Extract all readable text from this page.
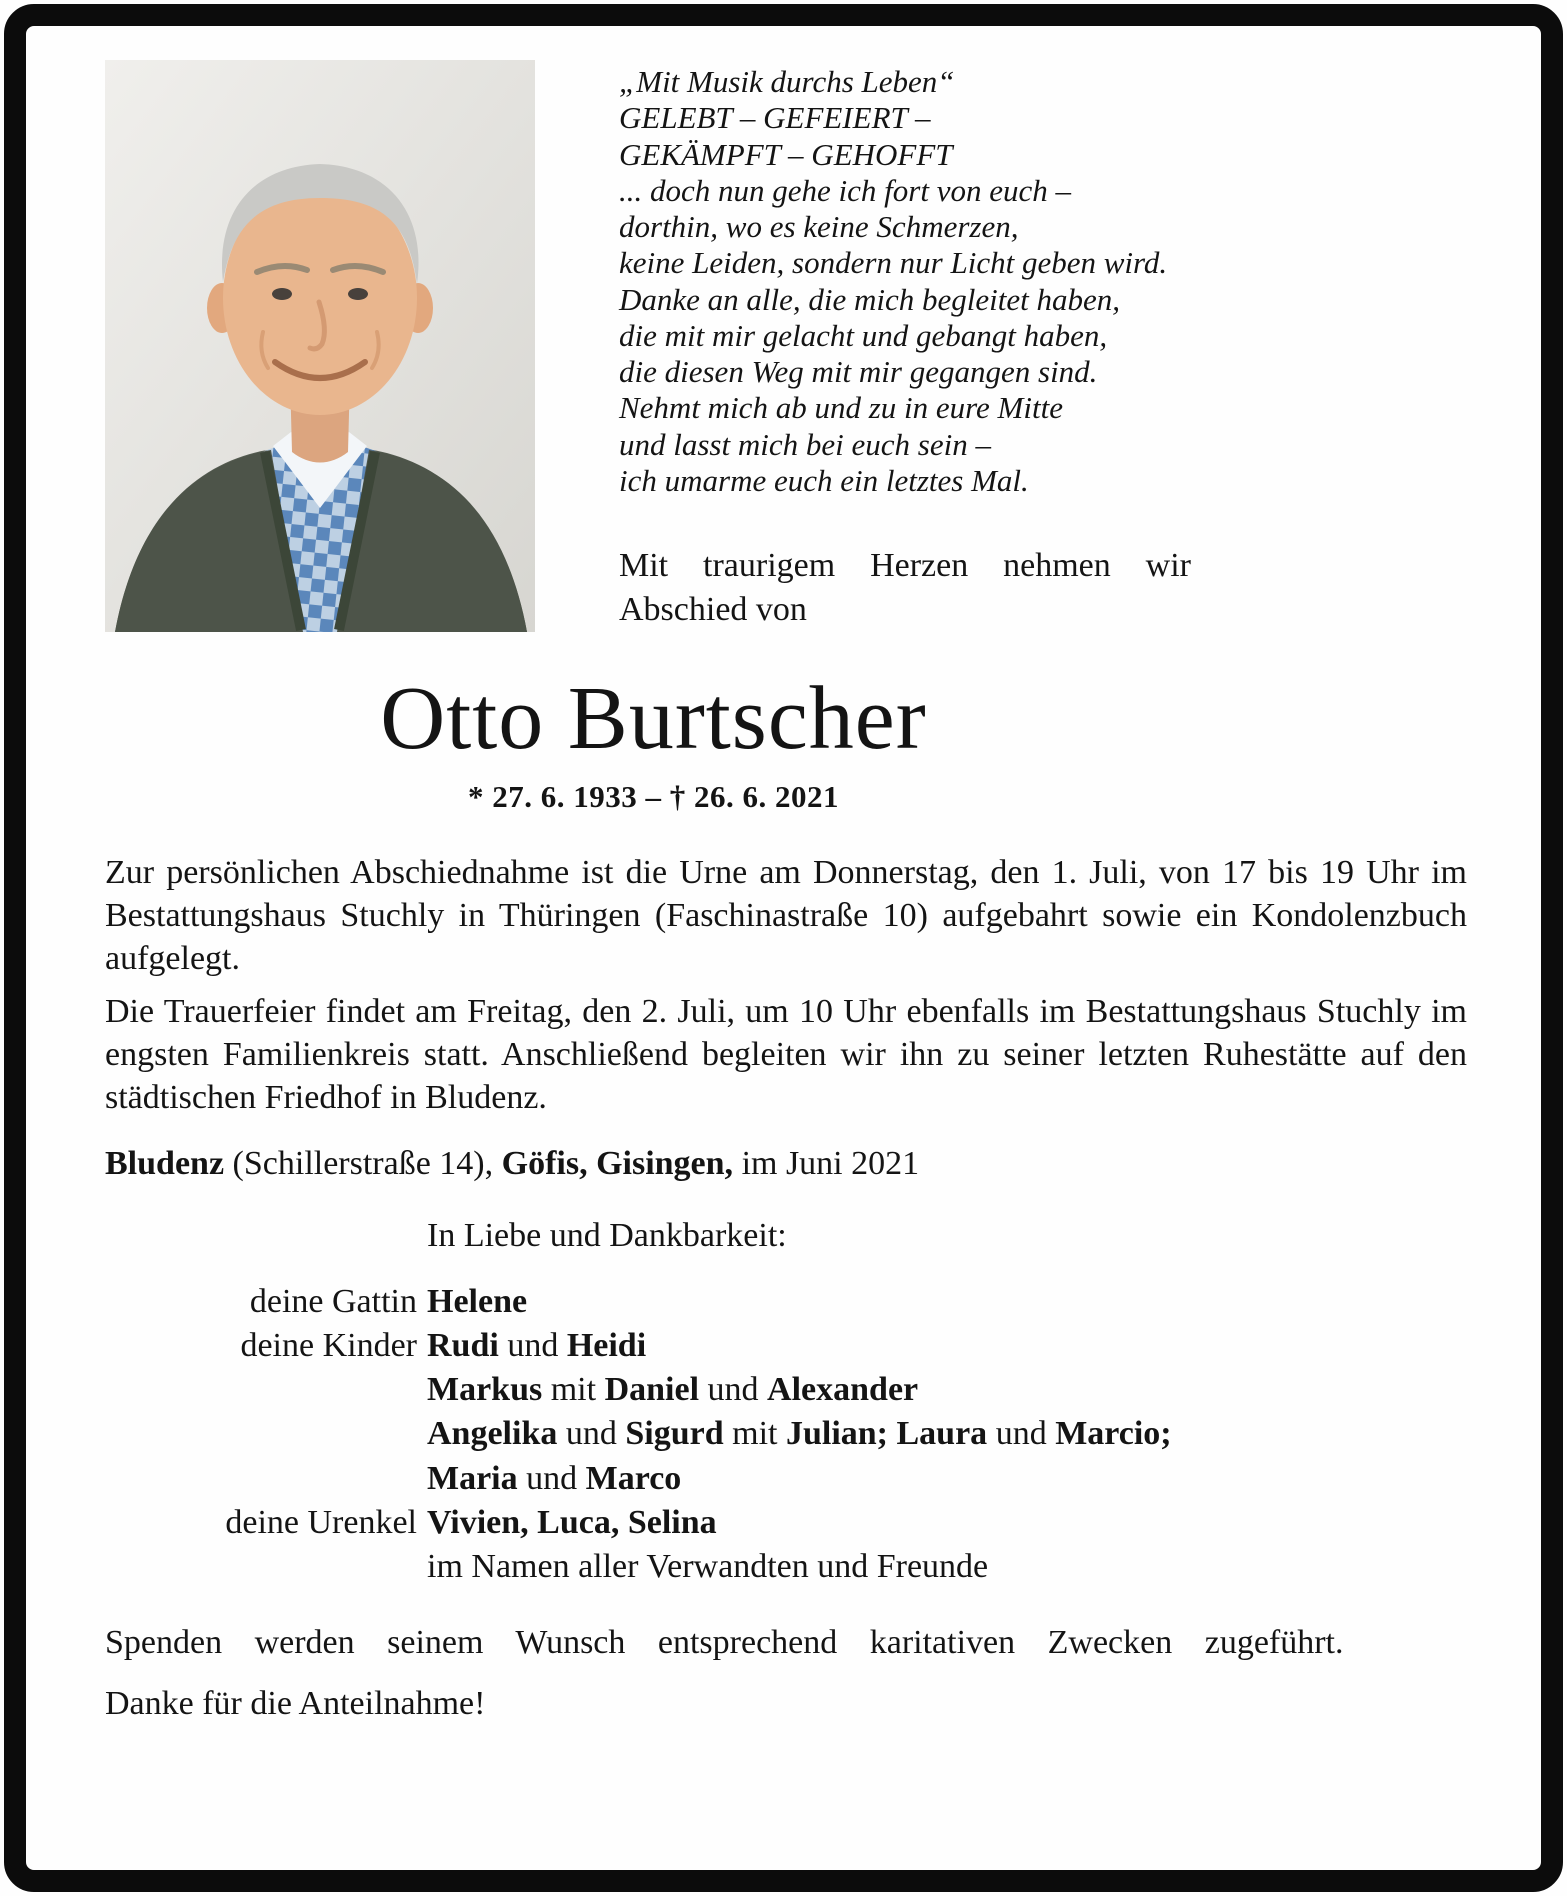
„Mit Musik durchs Leben“
GELEBT – GEFEIERT –
GEKÄMPFT – GEHOFFT
... doch nun gehe ich fort von euch –
dorthin, wo es keine Schmerzen,
keine Leiden, sondern nur Licht geben wird.
Danke an alle, die mich begleitet haben,
die mit mir gelacht und gebangt haben,
die diesen Weg mit mir gegangen sind.
Nehmt mich ab und zu in eure Mitte
und lasst mich bei euch sein –
ich umarme euch ein letztes Mal.
Mit traurigem Herzen nehmen wir Abschied von
Otto Burtscher
* 27. 6. 1933 – † 26. 6. 2021

Zur persönlichen Abschiednahme ist die Urne am Donnerstag, den 1. Juli, von 17 bis 19 Uhr im Bestattungshaus Stuchly in Thüringen (Faschinastraße 10) aufgebahrt sowie ein Kondolenzbuch aufgelegt.

Die Trauerfeier findet am Freitag, den 2. Juli, um 10 Uhr ebenfalls im Bestattungshaus Stuchly im engsten Familienkreis statt. Anschließend begleiten wir ihn zu seiner letzten Ruhestätte auf den städtischen Friedhof in Bludenz.

Bludenz (Schillerstraße 14), Göfis, Gisingen, im Juni 2021

In Liebe und Dankbarkeit:
deine Gattin Helene
deine Kinder Rudi und Heidi
Markus mit Daniel und Alexander
Angelika und Sigurd mit Julian; Laura und Marcio;
Maria und Marco
deine Urenkel Vivien, Luca, Selina
im Namen aller Verwandten und Freunde

Spenden werden seinem Wunsch entsprechend karitativen Zwecken zugeführt.

Danke für die Anteilnahme!
